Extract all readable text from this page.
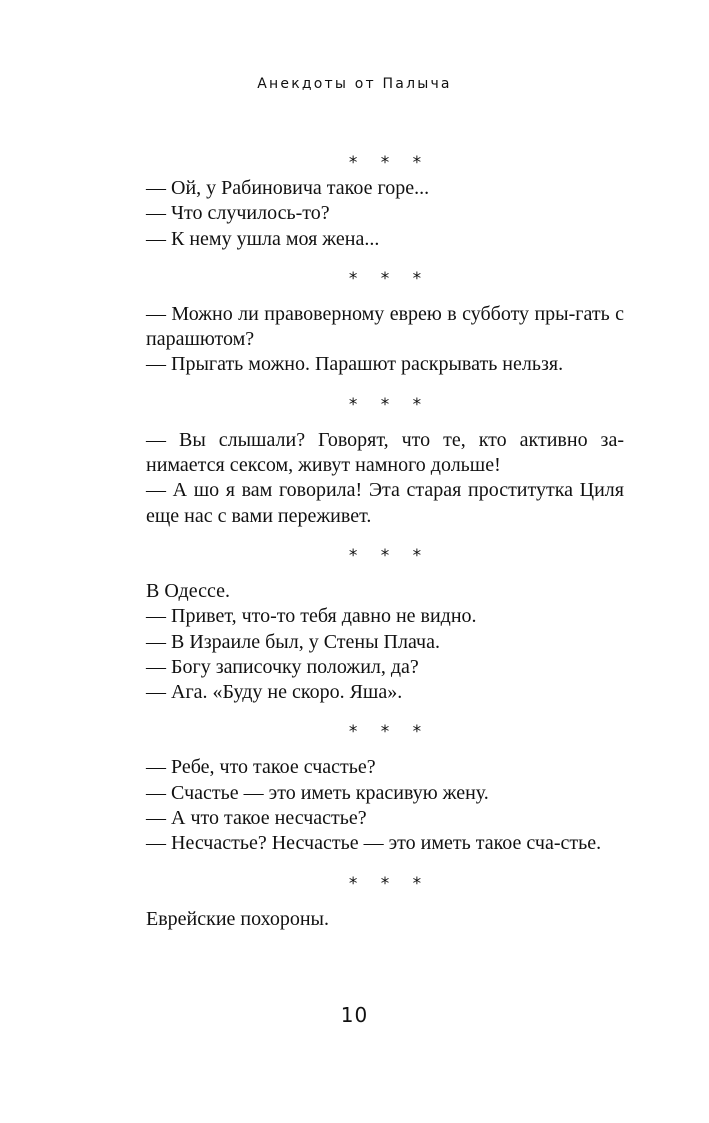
Анекдоты от Палыча
* * *
— Ой, у Рабиновича такое горе...
— Что случилось-то?
— К нему ушла моя жена...
* * *
— Можно ли правоверному еврею в субботу пры-гать с парашютом?
— Прыгать можно. Парашют раскрывать нельзя.
* * *
— Вы слышали? Говорят, что те, кто активно за-нимается сексом, живут намного дольше!
— А шо я вам говорила! Эта старая проститутка Циля еще нас с вами переживет.
* * *
В Одессе.
— Привет, что-то тебя давно не видно.
— В Израиле был, у Стены Плача.
— Богу записочку положил, да?
— Ага. «Буду не скоро. Яша».
* * *
— Ребе, что такое счастье?
— Счастье — это иметь красивую жену.
— А что такое несчастье?
— Несчастье? Несчастье — это иметь такое сча-стье.
* * *
Еврейские похороны.
10
